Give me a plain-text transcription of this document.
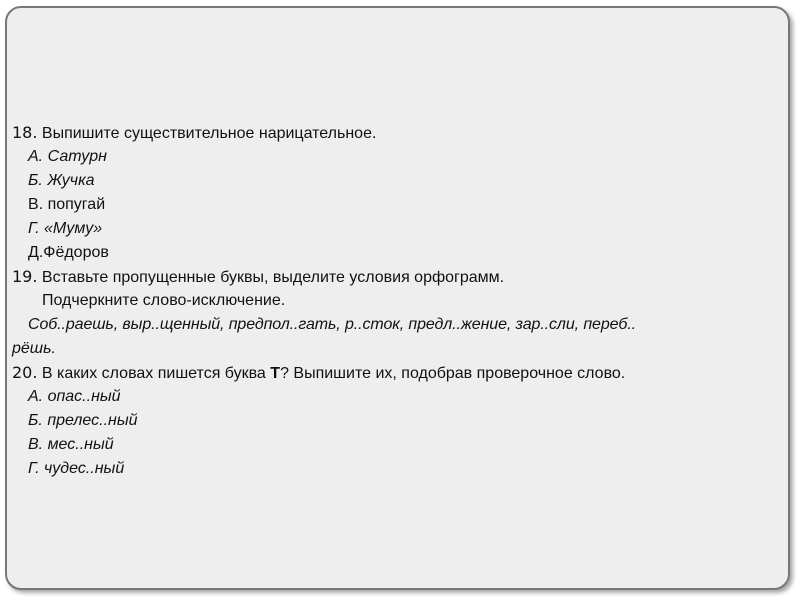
18. Выпишите существительное нарицательное.
А. Сатурн
Б. Жучка
В. попугай
Г. «Муму»
Д.Фёдоров
19. Вставьте пропущенные буквы, выделите условия орфограмм.
Подчеркните слово-исключение.
Соб..раешь, выр..щенный, предпол..гать, р..сток, предл..жение, зар..сли, переб..
рёшь.
20. В каких словах пишется буква Т? Выпишите их, подобрав проверочное слово.
А. опас..ный
Б. прелес..ный
В. мес..ный
Г. чудес..ный
